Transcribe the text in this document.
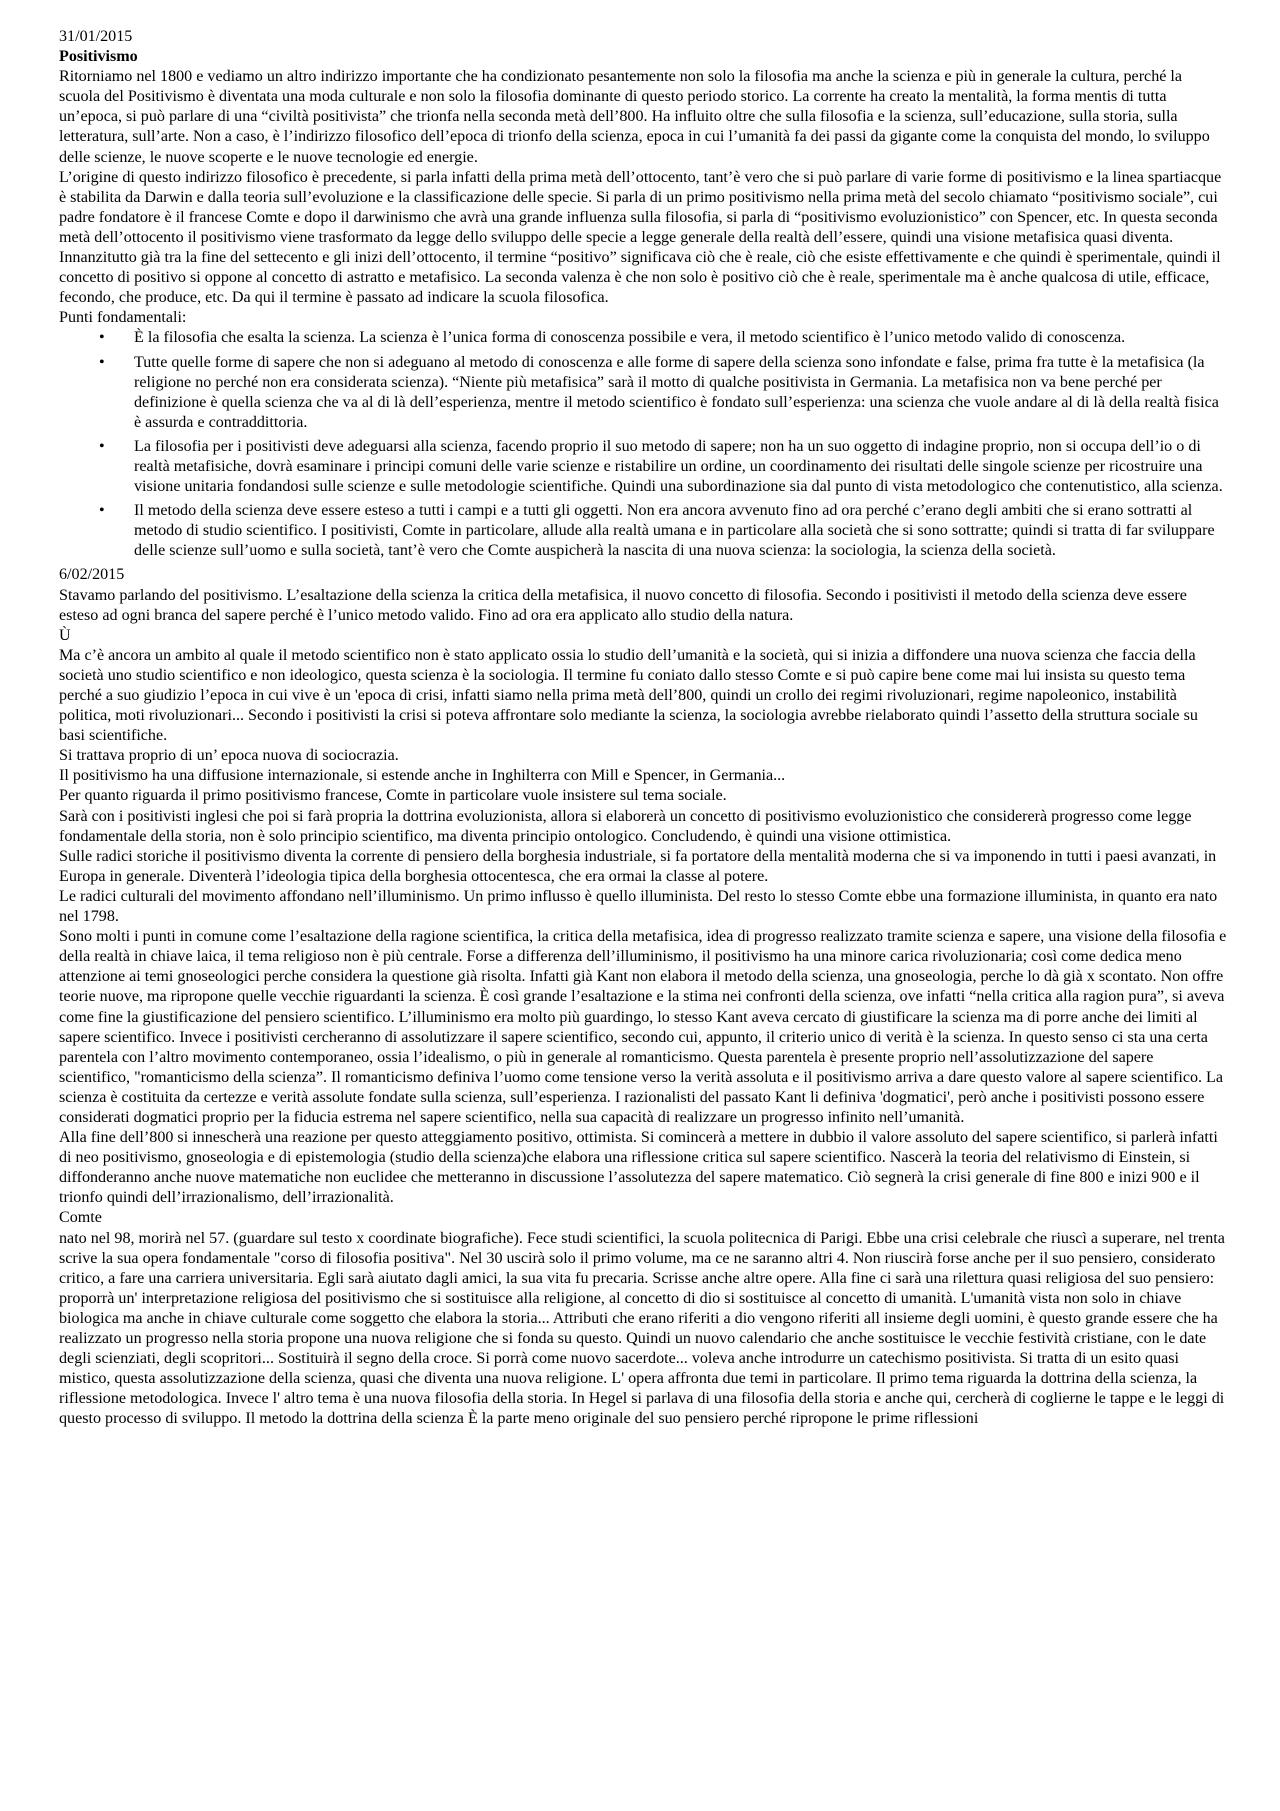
31/01/2015

Positivismo

Ritorniamo nel 1800 e vediamo un altro indirizzo importante che ha condizionato pesantemente non solo la filosofia ma anche la scienza e più in generale la cultura, perché la scuola del Positivismo è diventata una moda culturale e non solo la filosofia dominante di questo periodo storico. La corrente ha creato la mentalità, la forma mentis di tutta un’epoca, si può parlare di una “civiltà positivista” che trionfa nella seconda metà dell’800. Ha influito oltre che sulla filosofia e la scienza, sull’educazione, sulla storia, sulla letteratura, sull’arte. Non a caso, è l’indirizzo filosofico dell’epoca di trionfo della scienza, epoca in cui l’umanità fa dei passi da gigante come la conquista del mondo, lo sviluppo delle scienze, le nuove scoperte e le nuove tecnologie ed energie.

L’origine di questo indirizzo filosofico è precedente, si parla infatti della prima metà dell’ottocento, tant’è vero che si può parlare di varie forme di positivismo e la linea spartiacque è stabilita da Darwin e dalla teoria sull’evoluzione e la classificazione delle specie. Si parla di un primo positivismo nella prima metà del secolo chiamato “positivismo sociale”, cui padre fondatore è il francese Comte e dopo il darwinismo che avrà una grande influenza sulla filosofia, si parla di “positivismo evoluzionistico” con Spencer, etc. In questa seconda metà dell’ottocento il positivismo viene trasformato da legge dello sviluppo delle specie a legge generale della realtà dell’essere, quindi una visione metafisica quasi diventa.

Innanzitutto già tra la fine del settecento e gli inizi dell’ottocento, il termine “positivo” significava ciò che è reale, ciò che esiste effettivamente e che quindi è sperimentale, quindi il concetto di positivo si oppone al concetto di astratto e metafisico. La seconda valenza è che non solo è positivo ciò che è reale, sperimentale ma è anche qualcosa di utile, efficace, fecondo, che produce, etc. Da qui il termine è passato ad indicare la scuola filosofica.

Punti fondamentali:

• È la filosofia che esalta la scienza. La scienza è l’unica forma di conoscenza possibile e vera, il metodo scientifico è l’unico metodo valido di conoscenza.
• Tutte quelle forme di sapere che non si adeguano al metodo di conoscenza e alle forme di sapere della scienza sono infondate e false, prima fra tutte è la metafisica (la religione no perché non era considerata scienza). “Niente più metafisica” sarà il motto di qualche positivista in Germania. La metafisica non va bene perché per definizione è quella scienza che va al di là dell’esperienza, mentre il metodo scientifico è fondato sull’esperienza: una scienza che vuole andare al di là della realtà fisica è assurda e contraddittoria.
• La filosofia per i positivisti deve adeguarsi alla scienza, facendo proprio il suo metodo di sapere; non ha un suo oggetto di indagine proprio, non si occupa dell’io o di realtà metafisiche, dovrà esaminare i principi comuni delle varie scienze e ristabilire un ordine, un coordinamento dei risultati delle singole scienze per ricostruire una visione unitaria fondandosi sulle scienze e sulle metodologie scientifiche. Quindi una subordinazione sia dal punto di vista metodologico che contenutistico, alla scienza.
• Il metodo della scienza deve essere esteso a tutti i campi e a tutti gli oggetti. Non era ancora avvenuto fino ad ora perché c’erano degli ambiti che si erano sottratti al metodo di studio scientifico. I positivisti, Comte in particolare, allude alla realtà umana e in particolare alla società che si sono sottratte; quindi si tratta di far sviluppare delle scienze sull’uomo e sulla società, tant’è vero che Comte auspicherà la nascita di una nuova scienza: la sociologia, la scienza della società.

6/02/2015

Stavamo parlando del positivismo. L’esaltazione della scienza la critica della metafisica, il nuovo concetto di filosofia. Secondo i positivisti il metodo della scienza deve essere esteso ad ogni branca del sapere perché è l’unico metodo valido. Fino ad ora era applicato allo studio della natura.

Ù

Ma c’è ancora un ambito al quale il metodo scientifico non è stato applicato ossia lo studio dell’umanità e la società, qui si inizia a diffondere una nuova scienza che faccia della società uno studio scientifico e non ideologico, questa scienza è la sociologia. Il termine fu coniato dallo stesso Comte e si può capire bene come mai lui insista su questo tema perché a suo giudizio l’epoca in cui vive è un 'epoca di crisi, infatti siamo nella prima metà dell’800, quindi un crollo dei regimi rivoluzionari, regime napoleonico, instabilità politica, moti rivoluzionari... Secondo i positivisti la crisi si poteva affrontare solo mediante la scienza, la sociologia avrebbe rielaborato quindi l’assetto della struttura sociale su basi scientifiche.

Si trattava proprio di un’ epoca nuova di sociocrazia.

Il positivismo ha una diffusione internazionale, si estende anche in Inghilterra con Mill e Spencer, in Germania...

Per quanto riguarda il primo positivismo francese, Comte in particolare vuole insistere sul tema sociale.

Sarà con i positivisti inglesi che poi si farà propria la dottrina evoluzionista, allora si elaborerà un concetto di positivismo evoluzionistico che considererà progresso come legge fondamentale della storia, non è solo principio scientifico, ma diventa principio ontologico. Concludendo, è quindi una visione ottimistica.

Sulle radici storiche il positivismo diventa la corrente di pensiero della borghesia industriale, si fa portatore della mentalità moderna che si va imponendo in tutti i paesi avanzati, in Europa in generale. Diventerà l’ideologia tipica della borghesia ottocentesca, che era ormai la classe al potere.

Le radici culturali del movimento affondano nell’illuminismo. Un primo influsso è quello illuminista. Del resto lo stesso Comte ebbe una formazione illuminista, in quanto era nato nel 1798.

Sono molti i punti in comune come l’esaltazione della ragione scientifica, la critica della metafisica, idea di progresso realizzato tramite scienza e sapere, una visione della filosofia e della realtà in chiave laica, il tema religioso non è più centrale. Forse a differenza dell’illuminismo, il positivismo ha una minore carica rivoluzionaria; così come dedica meno attenzione ai temi gnoseologici perche considera la questione già risolta. Infatti già Kant non elabora il metodo della scienza, una gnoseologia, perche lo dà già x scontato. Non offre teorie nuove, ma ripropone quelle vecchie riguardanti la scienza. È così grande l’esaltazione e la stima nei confronti della scienza, ove infatti “nella critica alla ragion pura”, si aveva come fine la giustificazione del pensiero scientifico. L’illuminismo era molto più guardingo, lo stesso Kant aveva cercato di giustificare la scienza ma di porre anche dei limiti al sapere scientifico. Invece i positivisti cercheranno di assolutizzare il sapere scientifico, secondo cui, appunto, il criterio unico di verità è la scienza. In questo senso ci sta una certa parentela con l’altro movimento contemporaneo, ossia l’idealismo, o più in generale al romanticismo. Questa parentela è presente proprio nell’assolutizzazione del sapere scientifico, "romanticismo della scienza”. Il romanticismo definiva l’uomo come tensione verso la verità assoluta e il positivismo arriva a dare questo valore al sapere scientifico. La scienza è costituita da certezze e verità assolute fondate sulla scienza, sull’esperienza. I razionalisti del passato Kant li definiva 'dogmatici', però anche i positivisti possono essere considerati dogmatici proprio per la fiducia estrema nel sapere scientifico, nella sua capacità di realizzare un progresso infinito nell’umanità.

Alla fine dell’800 si innescherà una reazione per questo atteggiamento positivo, ottimista. Si comincerà a mettere in dubbio il valore assoluto del sapere scientifico, si parlerà infatti di neo positivismo, gnoseologia e di epistemologia (studio della scienza)che elabora una riflessione critica sul sapere scientifico. Nascerà la teoria del relativismo di Einstein, si diffonderanno anche nuove matematiche non euclidee che metteranno in discussione l’assolutezza del sapere matematico. Ciò segnerà la crisi generale di fine 800 e inizi 900 e il trionfo quindi dell’irrazionalismo, dell’irrazionalità.

Comte

nato nel 98, morirà nel 57. (guardare sul testo x coordinate biografiche). Fece studi scientifici, la scuola politecnica di Parigi. Ebbe una crisi celebrale che riuscì a superare, nel trenta scrive la sua opera fondamentale "corso di filosofia positiva". Nel 30 uscirà solo il primo volume, ma ce ne saranno altri 4. Non riuscirà forse anche per il suo pensiero, considerato critico, a fare una carriera universitaria. Egli sarà aiutato dagli amici, la sua vita fu precaria. Scrisse anche altre opere. Alla fine ci sarà una rilettura quasi religiosa del suo pensiero: proporrà un' interpretazione religiosa del positivismo che si sostituisce alla religione, al concetto di dio si sostituisce al concetto di umanità. L'umanità vista non solo in chiave biologica ma anche in chiave culturale come soggetto che elabora la storia... Attributi che erano riferiti a dio vengono riferiti all insieme degli uomini, è questo grande essere che ha realizzato un progresso nella storia propone una nuova religione che si fonda su questo. Quindi un nuovo calendario che anche sostituisce le vecchie festività cristiane, con le date degli scienziati, degli scopritori... Sostituirà il segno della croce. Si porrà come nuovo sacerdote... voleva anche introdurre un catechismo positivista. Si tratta di un esito quasi mistico, questa assolutizzazione della scienza, quasi che diventa una nuova religione. L' opera affronta due temi in particolare. Il primo tema riguarda la dottrina della scienza, la riflessione metodologica. Invece l' altro tema è una nuova filosofia della storia. In Hegel si parlava di una filosofia della storia e anche qui, cercherà di coglierne le tappe e le leggi di questo processo di sviluppo. Il metodo la dottrina della scienza È la parte meno originale del suo pensiero perché ripropone le prime riflessioni
